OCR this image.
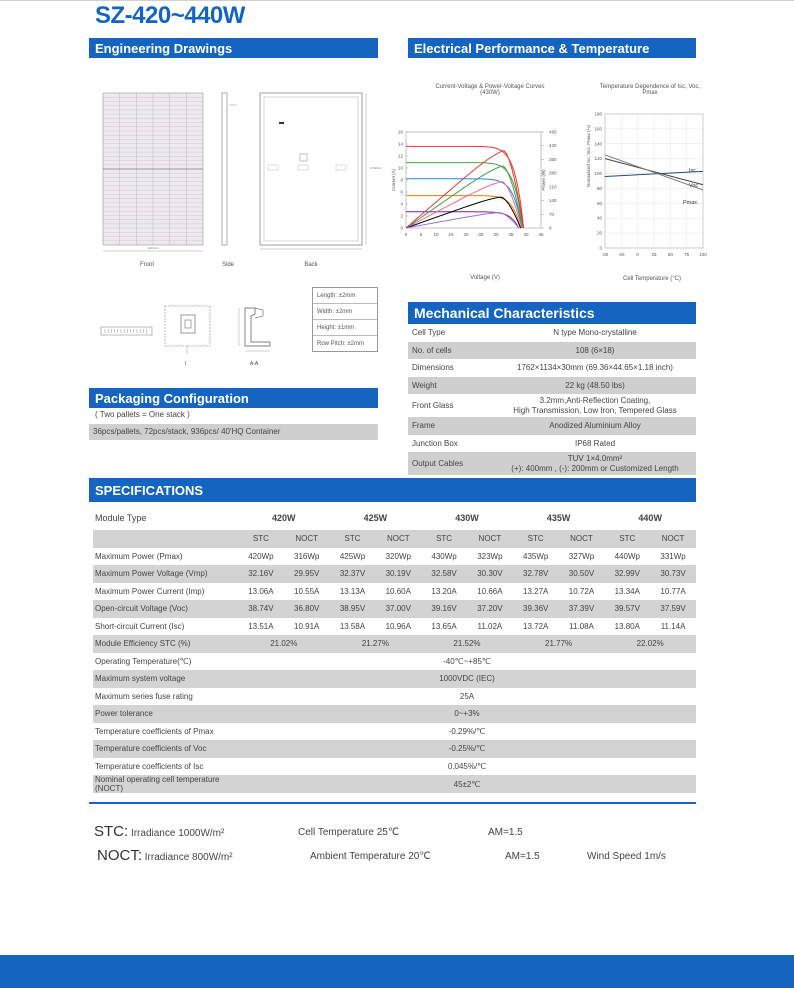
SZ-420~440W
Engineering Drawings	Electrical Performance & Temperature Dependence
1134mm
1762mm
Front	Side	Back
I	A-A
Length: ±2mm
Width: ±2mm
Height: ±1mm
Row Pitch: ±2mm
Packaging Configuration
( Two pallets = One stack )
36pcs/pallets, 72pcs/stack, 936pcs/ 40'HQ Container
Current-Voltage & Power-Voltage Curves (430W)
0	5 10 15 20 25 30 35 40 45
0
2
4
6
8
10
12
14
16
0
70
140
210
280
350
420
490
Current (A)	Power (W)
Voltage (V)
Temperature Dependence of Isc, Voc, Pmax
-50 -25	0	25	50	75 100
0
20
40
60
80
100
120
140
160
180
Normalized Isc, Voc, Pmax (%)	Isc
Voc
Pmax
Cell Temperature (°C)
Mechanical Characteristics
Cell Type	N type Mono-crystalline

No. of cells	108 (6×18)

Dimensions	1762×1134×30mm (69.36×44.65×1.18 inch)

Weight	22 kg (48.50 lbs)

Front Glass	3.2mm,Anti-Reflection Coating,
High Transmission, Low Iron, Tempered Glass

Frame	Anodized Aluminium Alloy

Junction Box	IP68 Rated

Output Cables	TUV 1×4.0mm²
(+): 400mm , (-): 200mm or Customized Length
SPECIFICATIONS
Module Type	420W		425W		430W		435W		440W	
	STC	NOCT	STC	NOCT	STC	NOCT	STC	NOCT	STC	NOCT
Maximum Power (Pmax)	420Wp	316Wp	425Wp	320Wp	430Wp	323Wp	435Wp	327Wp	440Wp	331Wp
Maximum Power Voltage (Vmp)	32.16V	29.95V	32.37V	30.19V	32.58V	30.30V	32.78V	30.50V	32.99V	30.73V
Maximum Power Current (Imp)	13.06A	10.55A	13.13A	10.60A	13.20A	10.66A	13.27A	10.72A	13.34A	10.77A
Open-circuit Voltage (Voc)	38.74V	36.80V	38.95V	37.00V	39.16V	37.20V	39.36V	37.39V	39.57V	37.59V
Short-circuit Current (Isc)	13.51A	10.91A	13.58A	10.96A	13.65A	11.02A	13.72A	11.08A	13.80A	11.14A
Module Efficiency STC (%)	21.02%		21.27%		21.52%		21.77%		22.02%	
Operating Temperature(℃)	-40℃~+85℃									
Maximum system voltage	1000VDC (IEC)									
Maximum series fuse rating	25A									
Power tolerance	0~+3%									
Temperature coefficients of Pmax	-0.29%/℃									
Temperature coefficients of Voc	-0.25%/℃									
Temperature coefficients of Isc	0.045%/℃									
Nominal operating cell temperature (NOCT)	45±2℃									
STC: Irradiance 1000W/m²	Cell Temperature 25℃	AM=1.5
NOCT: Irradiance 800W/m²	Ambient Temperature 20℃	AM=1.5	Wind Speed 1m/s
